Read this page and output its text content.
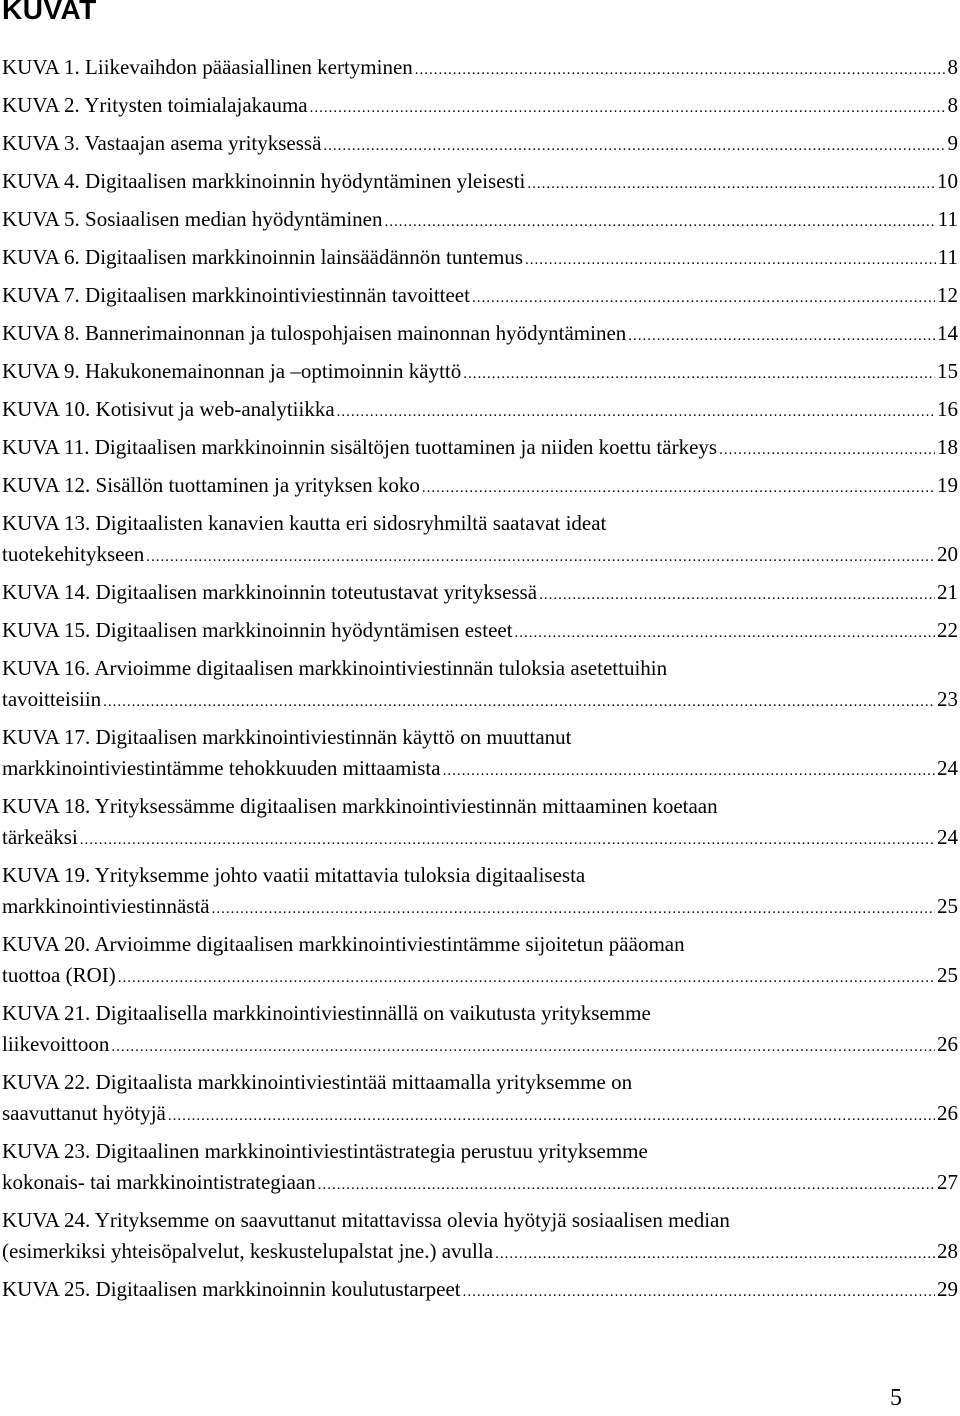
KUVAT
KUVA 1. Liikevaihdon pääasiallinen kertyminen .....	8
KUVA 2. Yritysten toimialajakauma .....	8
KUVA 3. Vastaajan asema yrityksessä .....	9
KUVA 4. Digitaalisen markkinoinnin hyödyntäminen yleisesti .....	10
KUVA 5. Sosiaalisen median hyödyntäminen .....	11
KUVA 6. Digitaalisen markkinoinnin lainsäädännön tuntemus .....	11
KUVA 7. Digitaalisen markkinointiviestinnän tavoitteet .....	12
KUVA 8. Bannerimainonnan ja tulospohjaisen mainonnan hyödyntäminen .....	14
KUVA 9. Hakukonemainonnan ja –optimoinnin käyttö .....	15
KUVA 10. Kotisivut ja web-analytiikka .....	16
KUVA 11. Digitaalisen markkinoinnin sisältöjen tuottaminen ja niiden koettu tärkeys .....	18
KUVA 12. Sisällön tuottaminen ja yrityksen koko .....	19
KUVA 13. Digitaalisten kanavien kautta eri sidosryhmiltä saatavat ideat
tuotekehitykseen .....	20
KUVA 14. Digitaalisen markkinoinnin toteutustavat yrityksessä .....	21
KUVA 15. Digitaalisen markkinoinnin hyödyntämisen esteet .....	22
KUVA 16. Arvioimme digitaalisen markkinointiviestinnän tuloksia asetettuihin
tavoitteisiin .....	23
KUVA 17. Digitaalisen markkinointiviestinnän käyttö on muuttanut
markkinointiviestintämme tehokkuuden mittaamista .....	24
KUVA 18. Yrityksessämme digitaalisen markkinointiviestinnän mittaaminen koetaan
tärkeäksi .....	24
KUVA 19. Yrityksemme johto vaatii mitattavia tuloksia digitaalisesta
markkinointiviestinnästä .....	25
KUVA 20. Arvioimme digitaalisen markkinointiviestintämme sijoitetun pääoman
tuottoa (ROI) .....	25
KUVA 21. Digitaalisella markkinointiviestinnällä on vaikutusta yrityksemme
liikevoittoon .....	26
KUVA 22. Digitaalista markkinointiviestintää mittaamalla yrityksemme on
saavuttanut hyötyjä .....	26
KUVA 23. Digitaalinen markkinointiviestintästrategia perustuu yrityksemme
kokonais- tai markkinointistrategiaan .....	27
KUVA 24. Yrityksemme on saavuttanut mitattavissa olevia hyötyjä sosiaalisen median
(esimerkiksi yhteisöpalvelut, keskustelupalstat jne.) avulla .....	28
KUVA 25. Digitaalisen markkinoinnin koulutustarpeet .....	29

5
